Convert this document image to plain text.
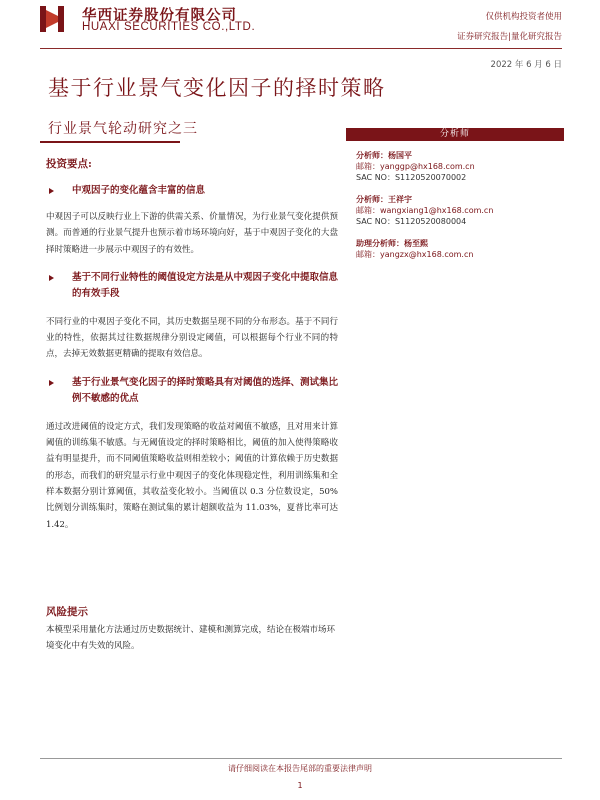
华西证券股份有限公司
HUAXI SECURITIES CO.,LTD.
仅供机构投资者使用
证券研究报告|量化研究报告
2022 年 6 月 6 日
基于行业景气变化因子的择时策略
行业景气轮动研究之三
投资要点:
中观因子的变化蕴含丰富的信息
中观因子可以反映行业上下游的供需关系、价量情况，为行业景气变化提供预测。而普通的行业景气提升也预示着市场环境向好，基于中观因子变化的大盘择时策略进一步展示中观因子的有效性。
基于不同行业特性的阈值设定方法是从中观因子变化中提取信息的有效手段
不同行业的中观因子变化不同，其历史数据呈现不同的分布形态。基于不同行业的特性，依据其过往数据规律分别设定阈值，可以根据每个行业不同的特点，去掉无效数据更精确的提取有效信息。
基于行业景气变化因子的择时策略具有对阈值的选择、测试集比例不敏感的优点
通过改进阈值的设定方式，我们发现策略的收益对阈值不敏感，且对用来计算阈值的训练集不敏感。与无阈值设定的择时策略相比，阈值的加入使得策略收益有明显提升，而不同阈值策略收益则相差较小；阈值的计算依赖于历史数据的形态，而我们的研究显示行业中观因子的变化体现稳定性，利用训练集和全样本数据分别计算阈值，其收益变化较小。当阈值以 0.3 分位数设定，50%比例划分训练集时，策略在测试集的累计超额收益为 11.03%，夏普比率可达 1.42。
分析师
分析师：杨国平
邮箱：yanggp@hx168.com.cn
SAC NO：S1120520070002
分析师：王祥宇
邮箱：wangxiang1@hx168.com.cn
SAC NO：S1120520080004
助理分析师：杨至熙
邮箱：yangzx@hx168.com.cn
风险提示
本模型采用量化方法通过历史数据统计、建模和测算完成，结论在极端市场环境变化中有失效的风险。
请仔细阅读在本报告尾部的重要法律声明
1
